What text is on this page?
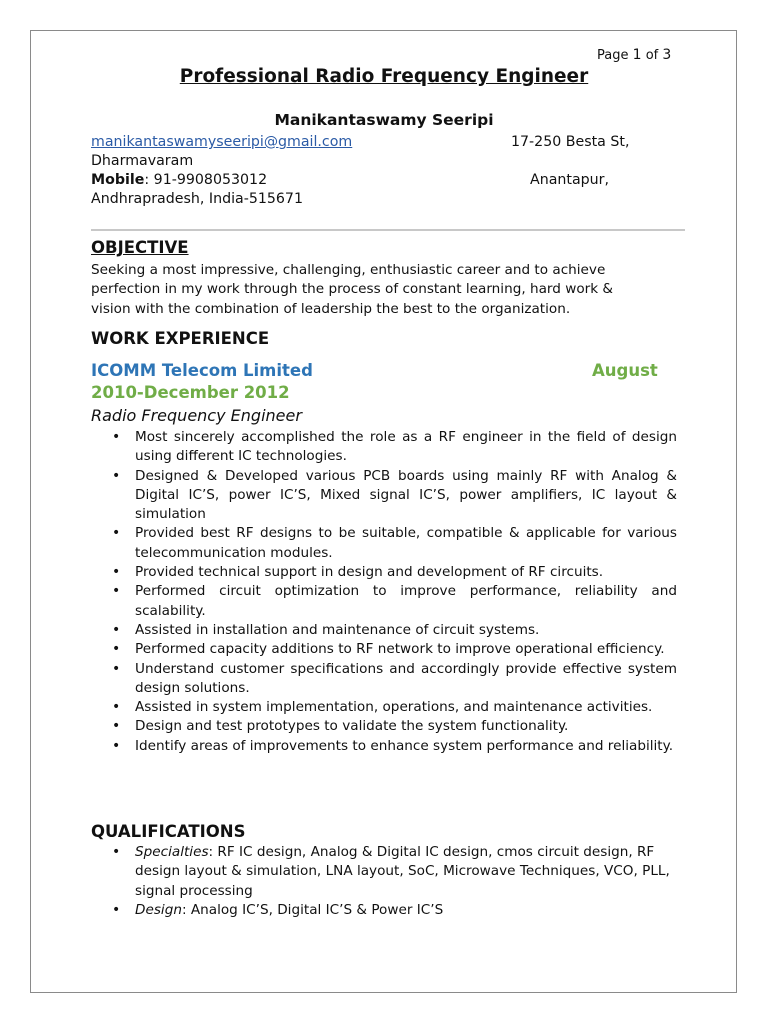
Page 1 of 3
Professional Radio Frequency Engineer
Manikantaswamy Seeripi
manikantaswamyseeripi@gmail.com	17-250 Besta St,
Dharmavaram
Mobile: 91-9908053012	Anantapur,
Andhrapradesh, India-515671
OBJECTIVE
Seeking a most impressive, challenging, enthusiastic career and to achieve
perfection in my work through the process of constant learning, hard work &
vision with the combination of leadership the best to the organization.
WORK EXPERIENCE
ICOMM Telecom Limited	August
2010-December 2012
Radio Frequency Engineer
• Most sincerely accomplished the role as a RF engineer in the field of design using different IC technologies.
• Designed & Developed various PCB boards using mainly RF with Analog & Digital IC’S, power IC’S, Mixed signal IC’S, power amplifiers, IC layout & simulation
• Provided best RF designs to be suitable, compatible & applicable for various telecommunication modules.
• Provided technical support in design and development of RF circuits.
• Performed circuit optimization to improve performance, reliability and scalability.
• Assisted in installation and maintenance of circuit systems.
• Performed capacity additions to RF network to improve operational efficiency.
• Understand customer specifications and accordingly provide effective system design solutions.
• Assisted in system implementation, operations, and maintenance activities.
• Design and test prototypes to validate the system functionality.
• Identify areas of improvements to enhance system performance and reliability.
QUALIFICATIONS
• Specialties: RF IC design, Analog & Digital IC design, cmos circuit design, RF design layout & simulation, LNA layout, SoC, Microwave Techniques, VCO, PLL, signal processing
• Design: Analog IC’S, Digital IC’S & Power IC’S
